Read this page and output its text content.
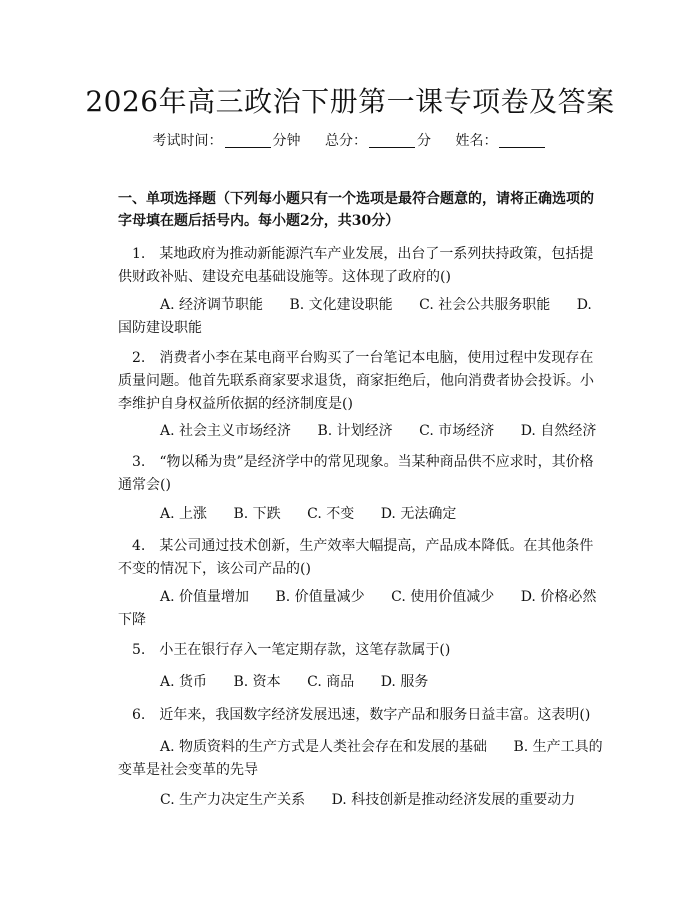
2026年高三政治下册第一课专项卷及答案
考试时间：	分钟 总分：	分 姓名：
一、单项选择题（下列每小题只有一个选项是最符合题意的，请将正确选项的字母填在题后括号内。每小题2分，共30分）
1.　某地政府为推动新能源汽车产业发展，出台了一系列扶持政策，包括提供财政补贴、建设充电基础设施等。这体现了政府的()
A. 经济调节职能 B. 文化建设职能 C. 社会公共服务职能 D. 国防建设职能
2.　消费者小李在某电商平台购买了一台笔记本电脑，使用过程中发现存在质量问题。他首先联系商家要求退货，商家拒绝后，他向消费者协会投诉。小李维护自身权益所依据的经济制度是()
A. 社会主义市场经济 B. 计划经济 C. 市场经济 D. 自然经济
3.　“物以稀为贵”是经济学中的常见现象。当某种商品供不应求时，其价格通常会()
A. 上涨 B. 下跌 C. 不变 D. 无法确定
4.　某公司通过技术创新，生产效率大幅提高，产品成本降低。在其他条件不变的情况下，该公司产品的()
A. 价值量增加 B. 价值量减少 C. 使用价值减少 D. 价格必然下降
5.　小王在银行存入一笔定期存款，这笔存款属于()
A. 货币 B. 资本 C. 商品 D. 服务
6.　近年来，我国数字经济发展迅速，数字产品和服务日益丰富。这表明()
A. 物质资料的生产方式是人类社会存在和发展的基础 B. 生产工具的变革是社会变革的先导
C. 生产力决定生产关系 D. 科技创新是推动经济发展的重要动力
